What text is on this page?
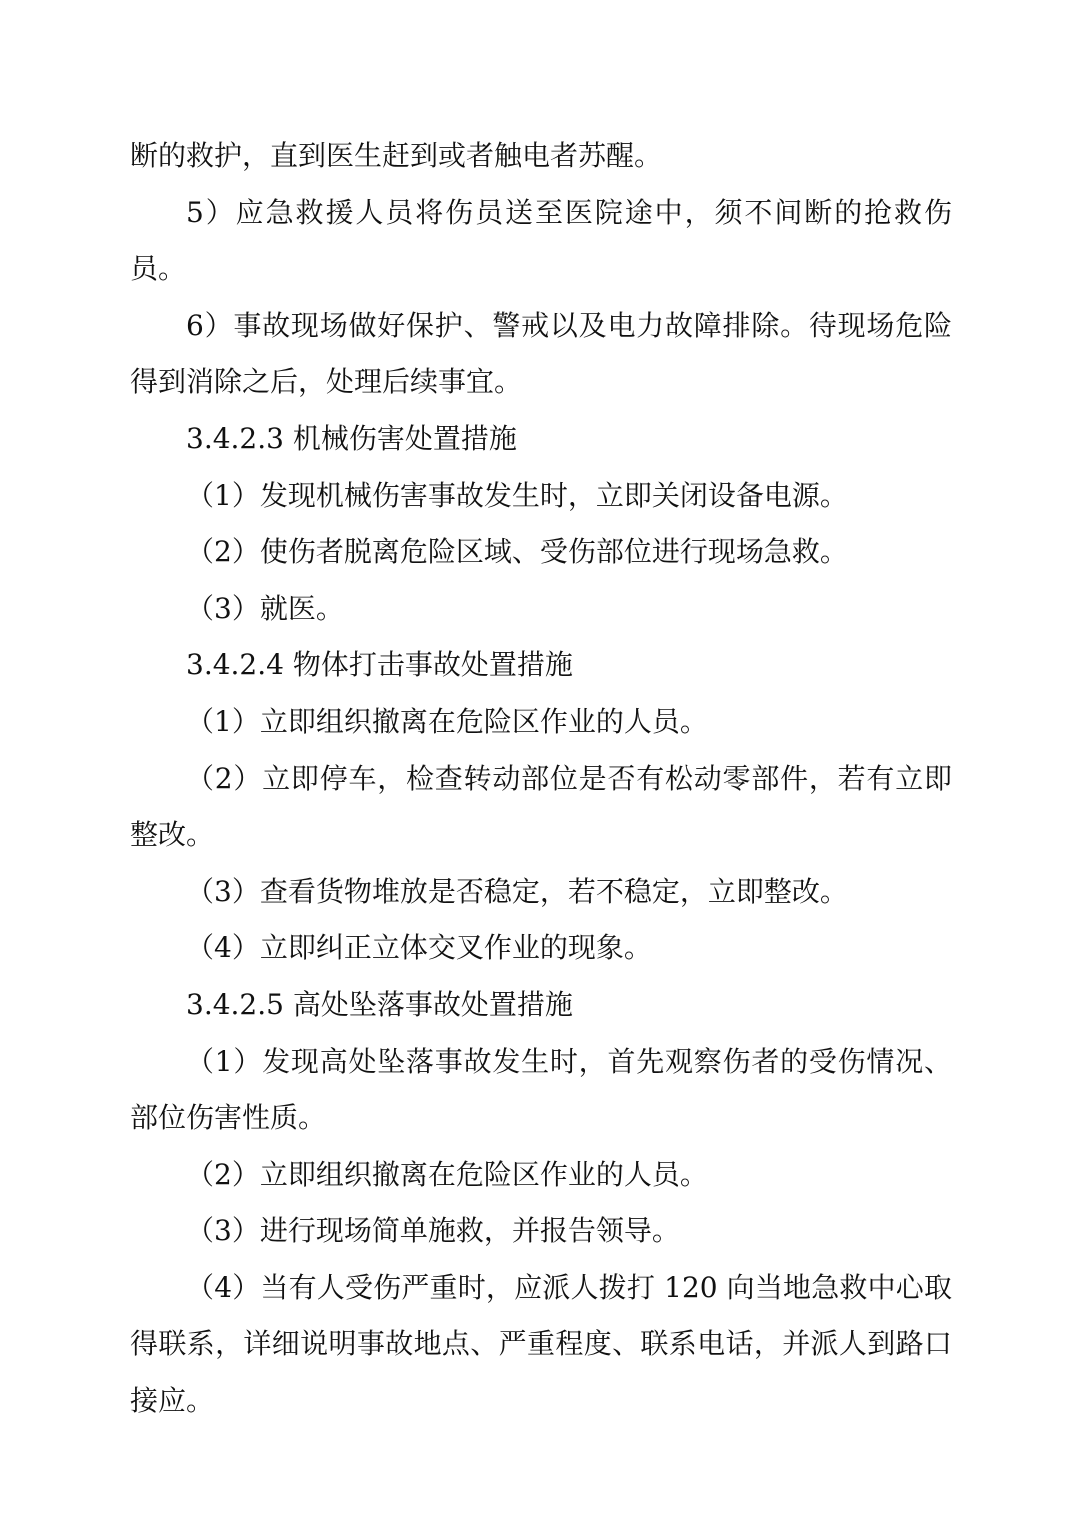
断的救护，直到医生赶到或者触电者苏醒。

5）应急救援人员将伤员送至医院途中，须不间断的抢救伤员。

6）事故现场做好保护、警戒以及电力故障排除。待现场危险得到消除之后，处理后续事宜。

3.4.2.3 机械伤害处置措施

（1）发现机械伤害事故发生时，立即关闭设备电源。

（2）使伤者脱离危险区域、受伤部位进行现场急救。

（3）就医。

3.4.2.4 物体打击事故处置措施

（1）立即组织撤离在危险区作业的人员。

（2）立即停车，检查转动部位是否有松动零部件，若有立即整改。

（3）查看货物堆放是否稳定，若不稳定，立即整改。

（4）立即纠正立体交叉作业的现象。

3.4.2.5 高处坠落事故处置措施

（1）发现高处坠落事故发生时，首先观察伤者的受伤情况、部位伤害性质。

（2）立即组织撤离在危险区作业的人员。

（3）进行现场简单施救，并报告领导。

（4）当有人受伤严重时，应派人拨打 120 向当地急救中心取得联系，详细说明事故地点、严重程度、联系电话，并派人到路口接应。
